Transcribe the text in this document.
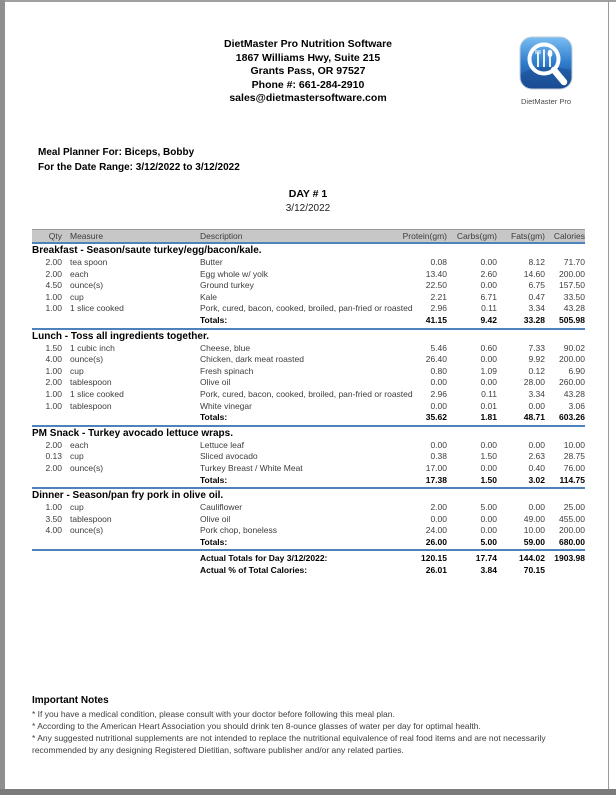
DietMaster Pro Nutrition Software
1867 Williams Hwy, Suite 215
Grants Pass, OR 97527
Phone #: 661-284-2910
sales@dietmastersoftware.com	DietMaster Pro
Meal Planner For: Biceps, Bobby
For the Date Range: 3/12/2022 to 3/12/2022
DAY # 1
3/12/2022
Qty Measure	Description	Protein(gm)	Carbs(gm)	Fats(gm)	Calories
Breakfast - Season/saute turkey/egg/bacon/kale.
2.00 tea spoon	Butter	0.08	0.00	8.12	71.70
2.00 each	Egg whole w/ yolk	13.40	2.60	14.60	200.00
4.50 ounce(s)	Ground turkey	22.50	0.00	6.75	157.50
1.00 cup	Kale	2.21	6.71	0.47	33.50
1.00 1 slice cooked	Pork, cured, bacon, cooked, broiled, pan-fried or roasted	2.96	0.11	3.34	43.28
Totals:	41.15	9.42	33.28	505.98
Lunch - Toss all ingredients together.
1.50 1 cubic inch	Cheese, blue	5.46	0.60	7.33	90.02
4.00 ounce(s)	Chicken, dark meat roasted	26.40	0.00	9.92	200.00
1.00 cup	Fresh spinach	0.80	1.09	0.12	6.90
2.00 tablespoon	Olive oil	0.00	0.00	28.00	260.00
1.00 1 slice cooked	Pork, cured, bacon, cooked, broiled, pan-fried or roasted	2.96	0.11	3.34	43.28
1.00 tablespoon	White vinegar	0.00	0.01	0.00	3.06
Totals:	35.62	1.81	48.71	603.26
PM Snack - Turkey avocado lettuce wraps.
2.00 each	Lettuce leaf	0.00	0.00	0.00	10.00
0.13 cup	Sliced avocado	0.38	1.50	2.63	28.75
2.00 ounce(s)	Turkey Breast / White Meat	17.00	0.00	0.40	76.00
Totals:	17.38	1.50	3.02	114.75
Dinner - Season/pan fry pork in olive oil.
1.00 cup	Cauliflower	2.00	5.00	0.00	25.00
3.50 tablespoon	Olive oil	0.00	0.00	49.00	455.00
4.00 ounce(s)	Pork chop, boneless	24.00	0.00	10.00	200.00
Totals:	26.00	5.00	59.00	680.00
Actual Totals for Day 3/12/2022:	120.15	17.74	144.02	1903.98
Actual % of Total Calories:	26.01	3.84	70.15
Important Notes
* If you have a medical condition, please consult with your doctor before following this meal plan.
* According to the American Heart Association you should drink ten 8-ounce glasses of water per day for optimal health.
* Any suggested nutritional supplements are not intended to replace the nutritional equivalence of real food items and are not necessarily recommended by any designing Registered Dietitian, software publisher and/or any related parties.
